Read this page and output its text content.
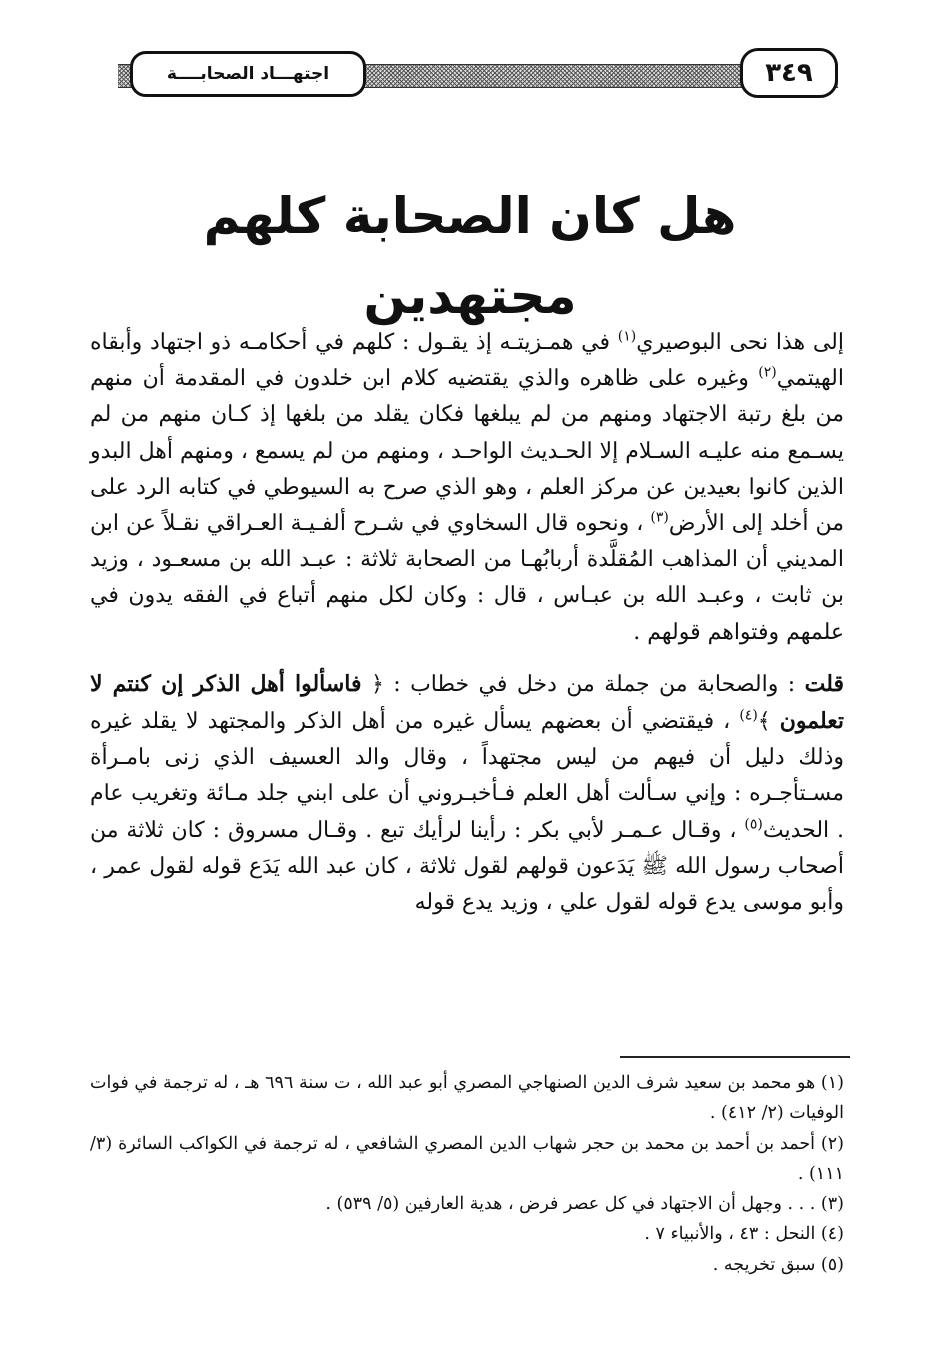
اجتهـــاد الصحابــــة	٣٤٩
هل كان الصحابة كلهم مجتهدين

إلى هذا نحى البوصيري$^{(١)}$ في همـزيتـه إذ يقـول : كلهم في أحكامـه ذو اجتهاد وأبقاه الهيتمي$^{(٢)}$ وغيره على ظاهره والذي يقتضيه كلام ابن خلدون في المقدمة أن منهم من بلغ رتبة الاجتهاد ومنهم من لم يبلغها فكان يقلد من بلغها إذ كـان منهم من لم يسـمع منه عليـه السـلام إلا الحـديث الواحـد ، ومنهم من لم يسمع ، ومنهم أهل البدو الذين كانوا بعيدين عن مركز العلم ، وهو الذي صرح به السيوطي في كتابه الرد على من أخلد إلى الأرض$^{(٣)}$ ، ونحوه قال السخاوي في شـرح ألفـيـة العـراقي نقـلاً عن ابن المديني أن المذاهب المُقلَّدة أربابُهـا من الصحابة ثلاثة : عبـد الله بن مسعـود ، وزيد بن ثابت ، وعبـد الله بن عبـاس ، قال : وكان لكل منهم أتباع في الفقه يدون في علمهم وفتواهم قولهم .

قلت : والصحابة من جملة من دخل في خطاب : ﴿ فاسألوا أهل الذكر إن كنتم لا تعلمون ﴾$^{(٤)}$ ، فيقتضي أن بعضهم يسأل غيره من أهل الذكر والمجتهد لا يقلد غيره وذلك دليل أن فيهم من ليس مجتهداً ، وقال والد العسيف الذي زنى بامـرأة مسـتأجـره : وإني سـألت أهل العلم فـأخبـروني أن على ابني جلد مـائة وتغريب عام . الحديث$^{(٥)}$ ، وقـال عـمـر لأبي بكر : رأينا لرأيك تبع . وقـال مسروق : كان ثلاثة من أصحاب رسول الله ﷺ يَدَعون قولهم لقول ثلاثة ، كان عبد الله يَدَع قوله لقول عمر ، وأبو موسى يدع قوله لقول علي ، وزيد يدع قوله

(١) هو محمد بن سعيد شرف الدين الصنهاجي المصري أبو عبد الله ، ت سنة ٦٩٦ هـ ، له ترجمة في فوات الوفيات (٢/ ٤١٢) .

(٢) أحمد بن أحمد بن محمد بن حجر شهاب الدين المصري الشافعي ، له ترجمة في الكواكب السائرة (٣/ ١١١) .

(٣) . . . وجهل أن الاجتهاد في كل عصر فرض ، هدية العارفين (٥/ ٥٣٩) .

(٤) النحل : ٤٣ ، والأنبياء ٧ .

(٥) سبق تخريجه .
